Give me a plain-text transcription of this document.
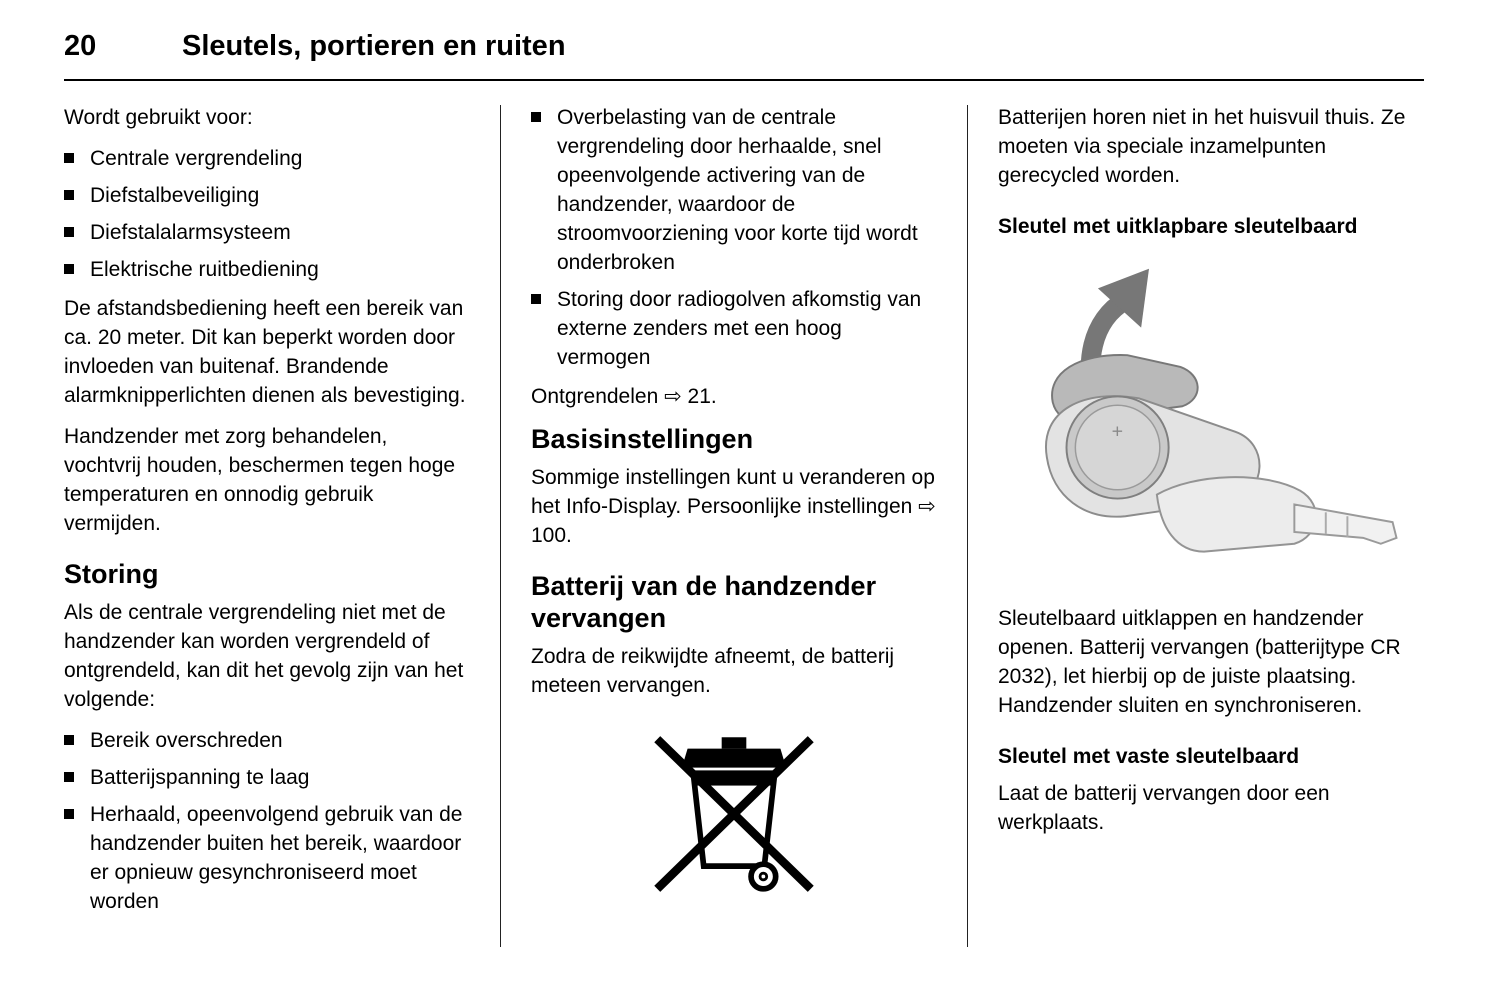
20	Sleutels, portieren en ruiten

Wordt gebruikt voor:

Centrale vergrendeling
Diefstalbeveiliging
Diefstalalarmsysteem
Elektrische ruitbediening

De afstandsbediening heeft een bereik van ca. 20 meter. Dit kan beperkt worden door invloeden van buitenaf. Brandende alarmknipperlichten dienen als bevestiging.

Handzender met zorg behandelen, vochtvrij houden, beschermen tegen hoge temperaturen en onnodig gebruik vermijden.

Storing

Als de centrale vergrendeling niet met de handzender kan worden vergrendeld of ontgrendeld, kan dit het gevolg zijn van het volgende:

Bereik overschreden
Batterijspanning te laag
Herhaald, opeenvolgend gebruik van de handzender buiten het bereik, waardoor er opnieuw gesynchroniseerd moet worden
Overbelasting van de centrale vergrendeling door herhaalde, snel opeenvolgende activering van de handzender, waardoor de stroomvoorziening voor korte tijd wordt onderbroken
Storing door radiogolven afkomstig van externe zenders met een hoog vermogen

Ontgrendelen ⇨ 21.

Basisinstellingen

Sommige instellingen kunt u veranderen op het Info-Display. Persoonlijke instellingen ⇨ 100.

Batterij van de handzender vervangen

Zodra de reikwijdte afneemt, de batterij meteen vervangen.

Batterijen horen niet in het huisvuil thuis. Ze moeten via speciale inzamelpunten gerecycled worden.

Sleutel met uitklapbare sleutelbaard
+

Sleutelbaard uitklappen en handzender openen. Batterij vervangen (batterijtype CR 2032), let hierbij op de juiste plaatsing. Handzender sluiten en synchroniseren.

Sleutel met vaste sleutelbaard

Laat de batterij vervangen door een werkplaats.
